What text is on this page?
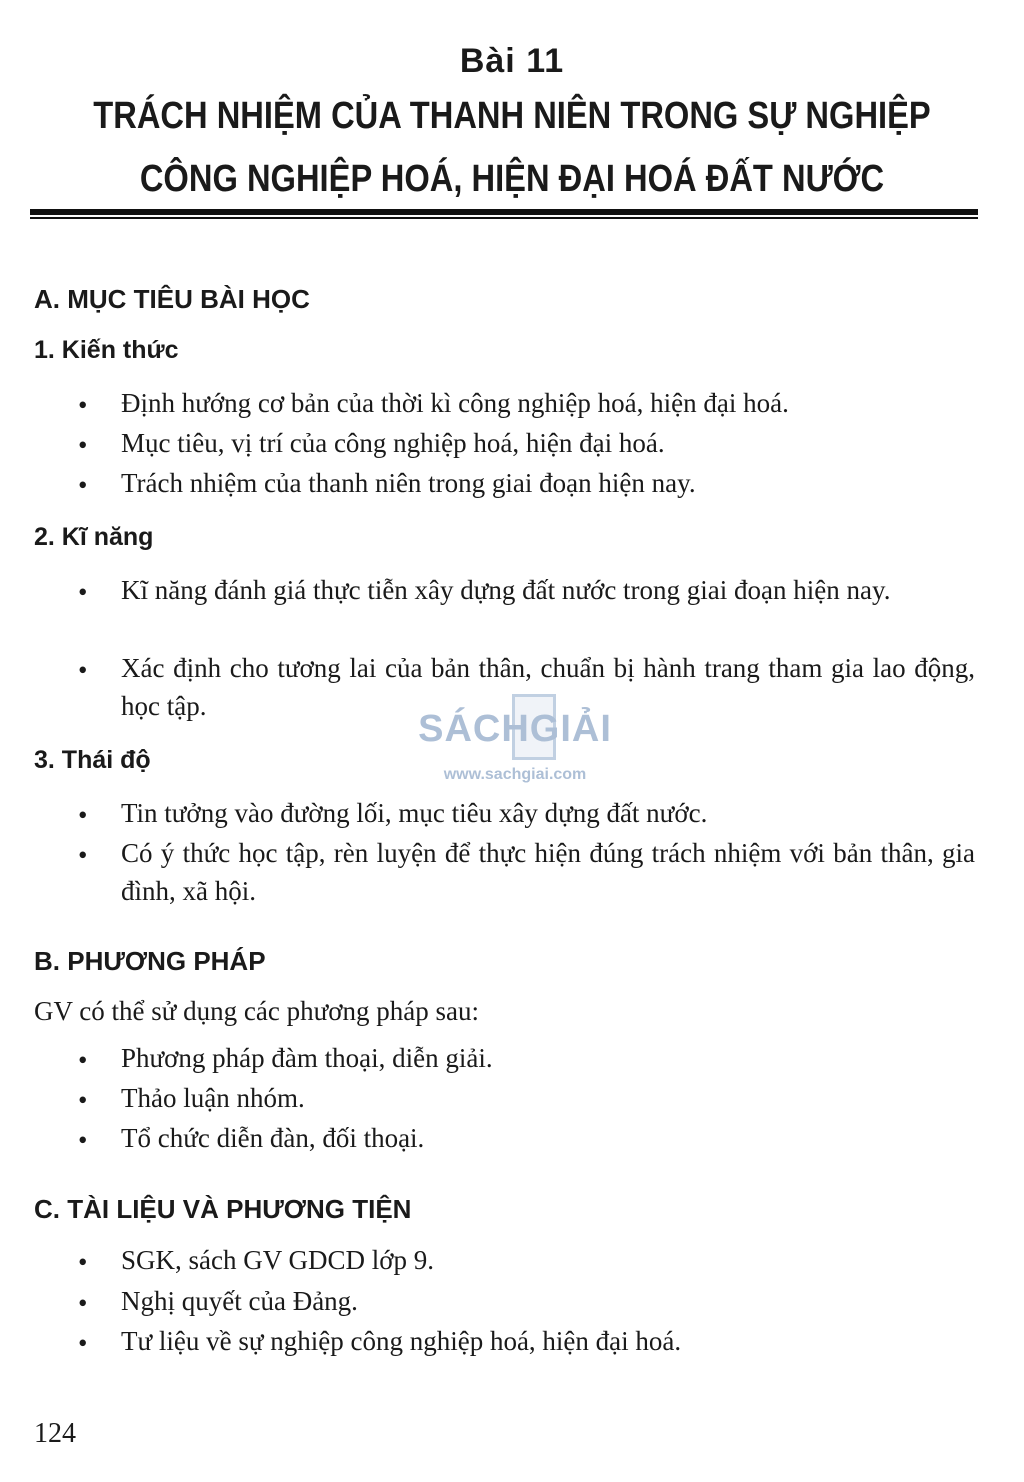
Bài 11
TRÁCH NHIỆM CỦA THANH NIÊN TRONG SỰ NGHIỆP
CÔNG NGHIỆP HOÁ, HIỆN ĐẠI HOÁ ĐẤT NƯỚC
A. MỤC TIÊU BÀI HỌC
1. Kiến thức
• Định hướng cơ bản của thời kì công nghiệp hoá, hiện đại hoá.
• Mục tiêu, vị trí của công nghiệp hoá, hiện đại hoá.
• Trách nhiệm của thanh niên trong giai đoạn hiện nay.
2. Kĩ năng
• Kĩ năng đánh giá thực tiễn xây dựng đất nước trong giai đoạn hiện nay.
• Xác định cho tương lai của bản thân, chuẩn bị hành trang tham gia lao động, học tập.
3. Thái độ
• Tin tưởng vào đường lối, mục tiêu xây dựng đất nước.
• Có ý thức học tập, rèn luyện để thực hiện đúng trách nhiệm với bản thân, gia đình, xã hội.
B. PHƯƠNG PHÁP
GV có thể sử dụng các phương pháp sau:
• Phương pháp đàm thoại, diễn giải.
• Thảo luận nhóm.
• Tổ chức diễn đàn, đối thoại.
C. TÀI LIỆU VÀ PHƯƠNG TIỆN
• SGK, sách GV GDCD lớp 9.
• Nghị quyết của Đảng.
• Tư liệu về sự nghiệp công nghiệp hoá, hiện đại hoá.
SÁCHGIẢI
www.sachgiai.com
124
